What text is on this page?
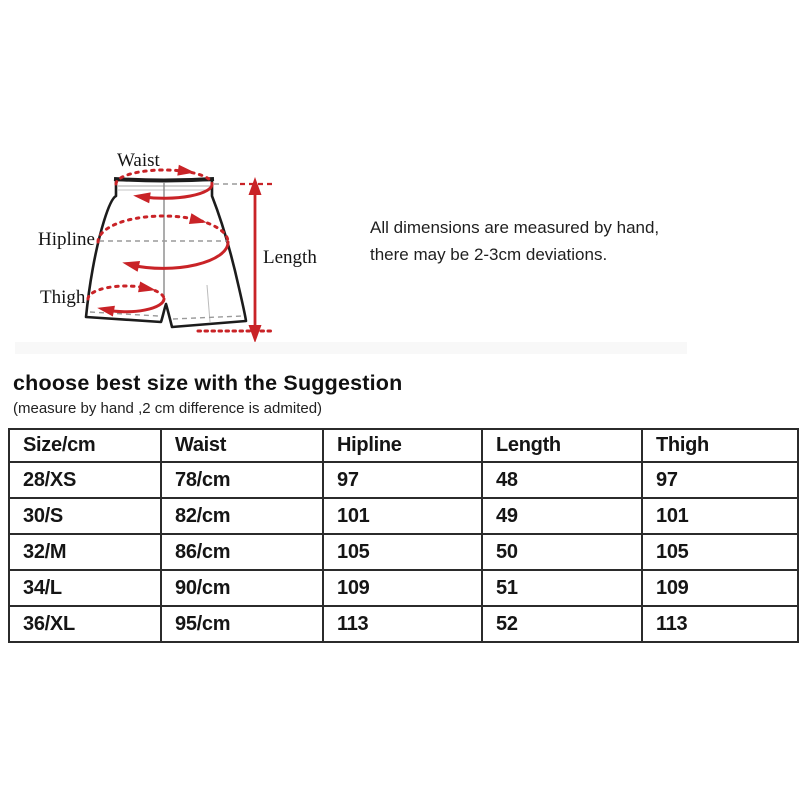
Waist
Hipline
Thigh
Length
All dimensions are measured by hand,
there may be 2-3cm deviations.
choose best size with the Suggestion
(measure by hand ,2 cm difference is admited)
Size/cm	Waist	Hipline	Length	Thigh
28/XS	78/cm	97	48	97
30/S	82/cm	101	49	101
32/M	86/cm	105	50	105
34/L	90/cm	109	51	109
36/XL	95/cm	113	52	113
